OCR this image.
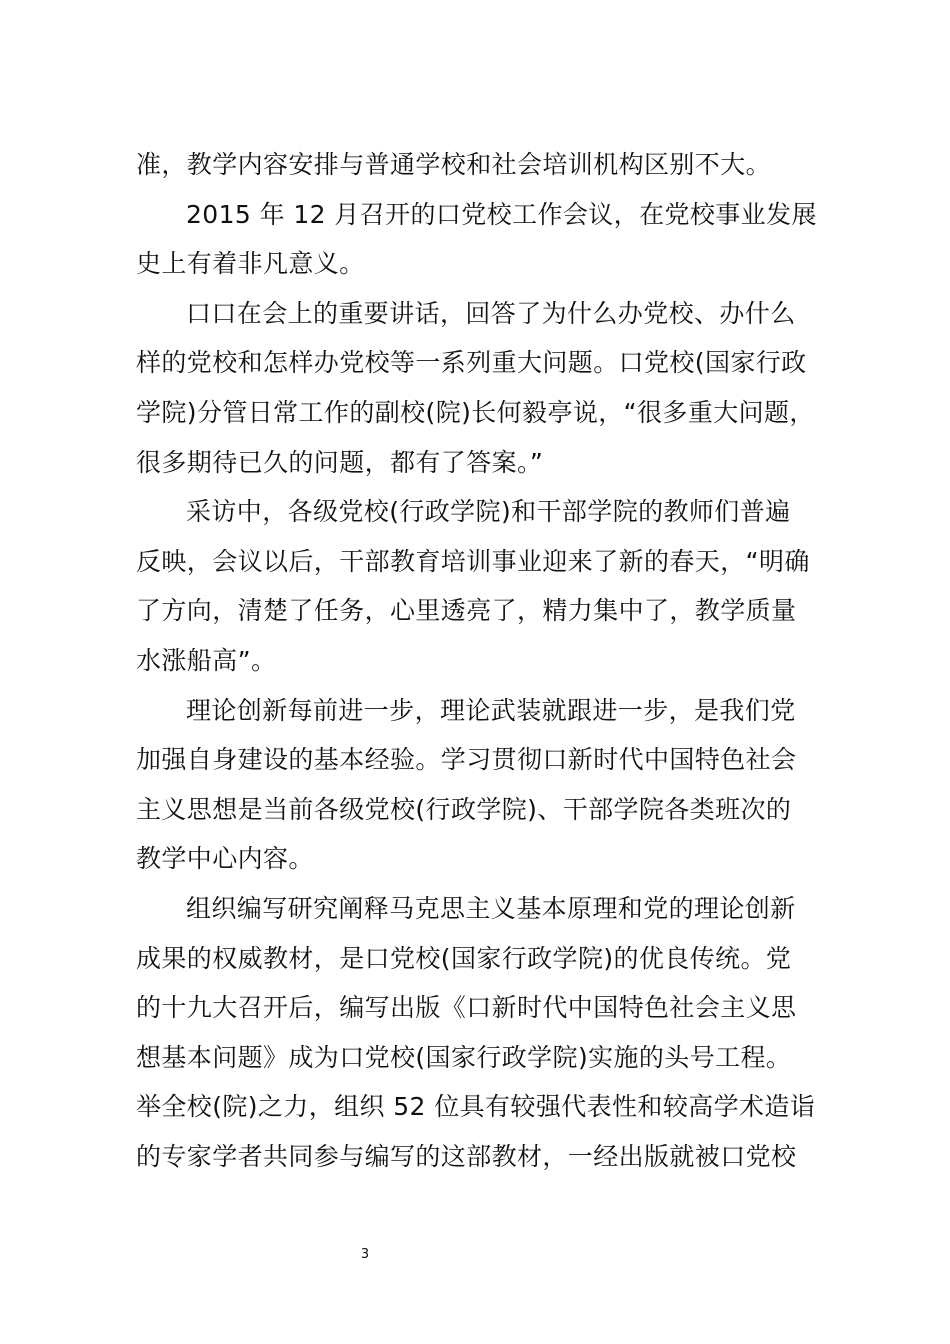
准，教学内容安排与普通学校和社会培训机构区别不大。
2015 年 12 月召开的口党校工作会议，在党校事业发展
史上有着非凡意义。
口口在会上的重要讲话，回答了为什么办党校、办什么
样的党校和怎样办党校等一系列重大问题。口党校(国家行政
学院)分管日常工作的副校(院)长何毅亭说，“很多重大问题，
很多期待已久的问题，都有了答案。”
采访中，各级党校(行政学院)和干部学院的教师们普遍
反映，会议以后，干部教育培训事业迎来了新的春天，“明确
了方向，清楚了任务，心里透亮了，精力集中了，教学质量
水涨船高”。
理论创新每前进一步，理论武装就跟进一步，是我们党
加强自身建设的基本经验。学习贯彻口新时代中国特色社会
主义思想是当前各级党校(行政学院)、干部学院各类班次的
教学中心内容。
组织编写研究阐释马克思主义基本原理和党的理论创新
成果的权威教材，是口党校(国家行政学院)的优良传统。党
的十九大召开后，编写出版《口新时代中国特色社会主义思
想基本问题》成为口党校(国家行政学院)实施的头号工程。
举全校(院)之力，组织 52 位具有较强代表性和较高学术造诣
的专家学者共同参与编写的这部教材，一经出版就被口党校
3
